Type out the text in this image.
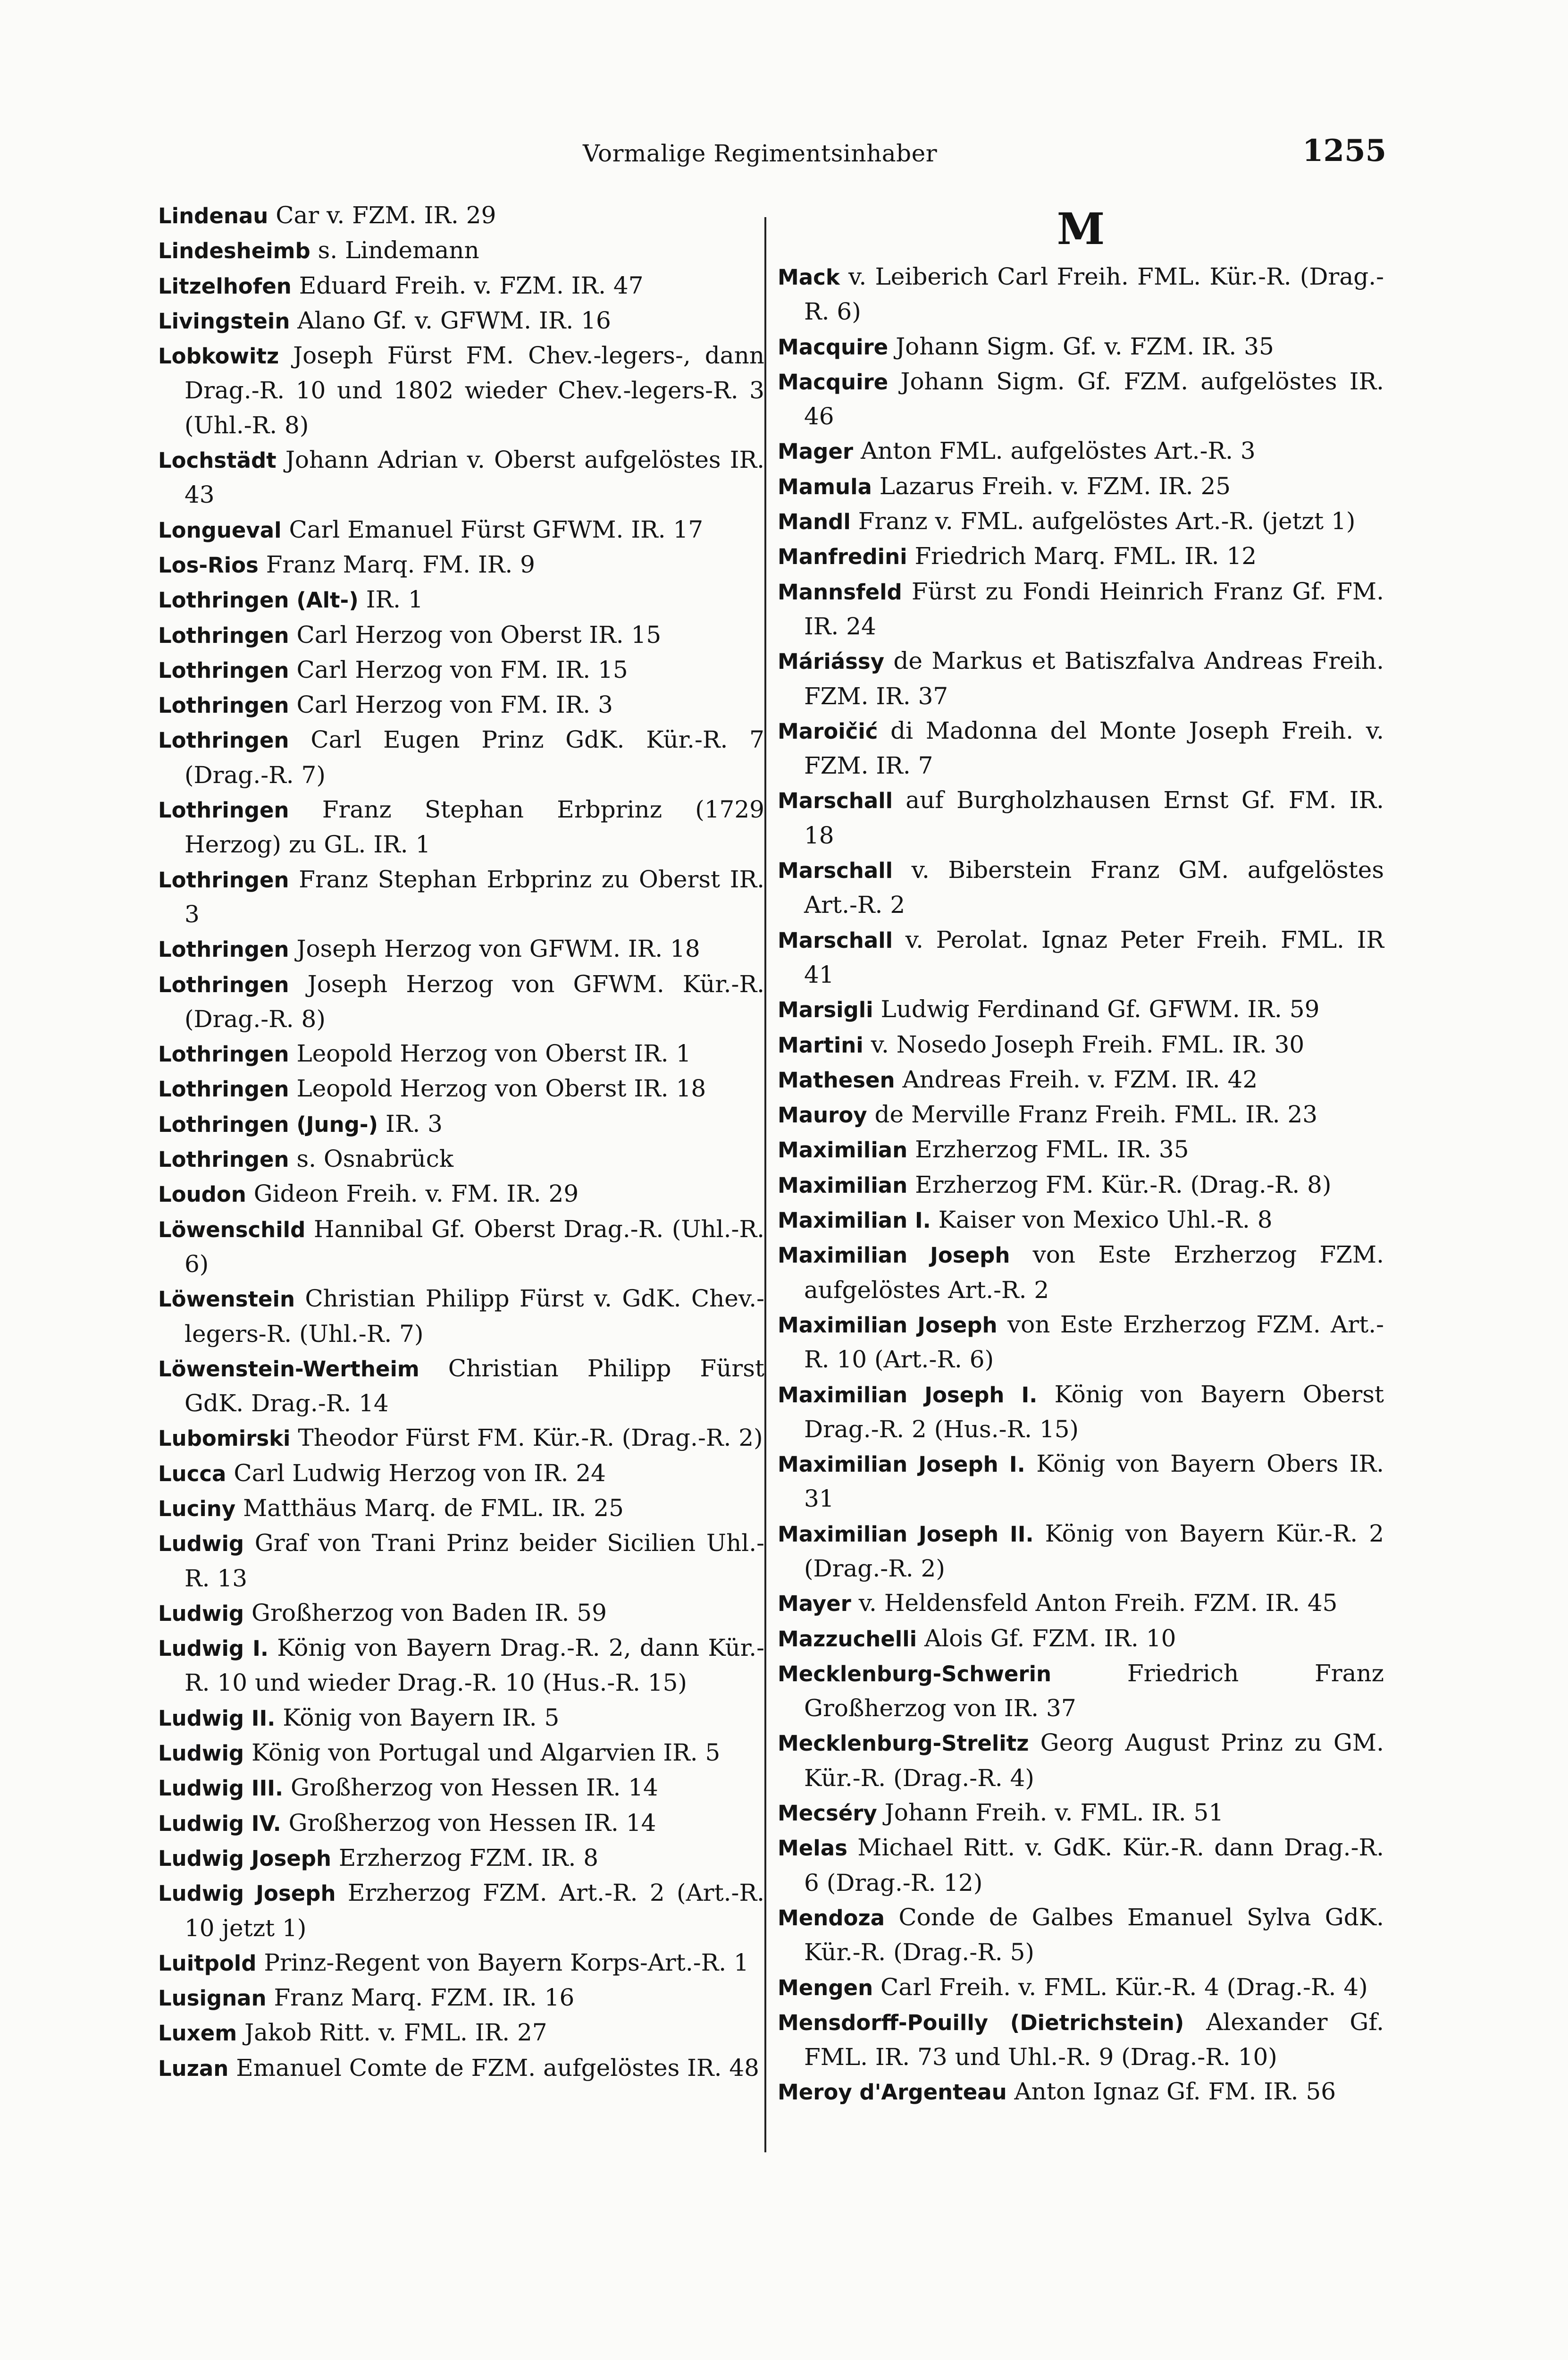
Vormalige Regimentsinhaber	1255
Lindenau Car v. FZM. IR. 29
Lindesheimb s. Lindemann
Litzelhofen Eduard Freih. v. FZM. IR. 47
Livingstein Alano Gf. v. GFWM. IR. 16
Lobkowitz Joseph Fürst FM. Chev.-legers-, dann Drag.-R. 10 und 1802 wieder Chev.-legers-R. 3 (Uhl.-R. 8)
Lochstädt Johann Adrian v. Oberst aufgelöstes IR. 43
Longueval Carl Emanuel Fürst GFWM. IR. 17
Los-Rios Franz Marq. FM. IR. 9
Lothringen (Alt-) IR. 1
Lothringen Carl Herzog von Oberst IR. 15
Lothringen Carl Herzog von FM. IR. 15
Lothringen Carl Herzog von FM. IR. 3
Lothringen Carl Eugen Prinz GdK. Kür.-R. 7 (Drag.-R. 7)
Lothringen Franz Stephan Erbprinz (1729 Herzog) zu GL. IR. 1
Lothringen Franz Stephan Erbprinz zu Oberst IR. 3
Lothringen Joseph Herzog von GFWM. IR. 18
Lothringen Joseph Herzog von GFWM. Kür.-R. (Drag.-R. 8)
Lothringen Leopold Herzog von Oberst IR. 1
Lothringen Leopold Herzog von Oberst IR. 18
Lothringen (Jung-) IR. 3
Lothringen s. Osnabrück
Loudon Gideon Freih. v. FM. IR. 29
Löwenschild Hannibal Gf. Oberst Drag.-R. (Uhl.-R. 6)
Löwenstein Christian Philipp Fürst v. GdK. Chev.-legers-R. (Uhl.-R. 7)
Löwenstein-Wertheim Christian Philipp Fürst GdK. Drag.-R. 14
Lubomirski Theodor Fürst FM. Kür.-R. (Drag.-R. 2)
Lucca Carl Ludwig Herzog von IR. 24
Luciny Matthäus Marq. de FML. IR. 25
Ludwig Graf von Trani Prinz beider Sicilien Uhl.-R. 13
Ludwig Großherzog von Baden IR. 59
Ludwig I. König von Bayern Drag.-R. 2, dann Kür.-R. 10 und wieder Drag.-R. 10 (Hus.-R. 15)
Ludwig II. König von Bayern IR. 5
Ludwig König von Portugal und Algarvien IR. 5
Ludwig III. Großherzog von Hessen IR. 14
Ludwig IV. Großherzog von Hessen IR. 14
Ludwig Joseph Erzherzog FZM. IR. 8
Ludwig Joseph Erzherzog FZM. Art.-R. 2 (Art.-R. 10 jetzt 1)
Luitpold Prinz-Regent von Bayern Korps-Art.-R. 1
Lusignan Franz Marq. FZM. IR. 16
Luxem Jakob Ritt. v. FML. IR. 27
Luzan Emanuel Comte de FZM. aufgelöstes IR. 48
M
Mack v. Leiberich Carl Freih. FML. Kür.-R. (Drag.-R. 6)
Macquire Johann Sigm. Gf. v. FZM. IR. 35
Macquire Johann Sigm. Gf. FZM. aufgelöstes IR. 46
Mager Anton FML. aufgelöstes Art.-R. 3
Mamula Lazarus Freih. v. FZM. IR. 25
Mandl Franz v. FML. aufgelöstes Art.-R. (jetzt 1)
Manfredini Friedrich Marq. FML. IR. 12
Mannsfeld Fürst zu Fondi Heinrich Franz Gf. FM. IR. 24
Máriássy de Markus et Batiszfalva Andreas Freih. FZM. IR. 37
Maroičić di Madonna del Monte Joseph Freih. v. FZM. IR. 7
Marschall auf Burgholzhausen Ernst Gf. FM. IR. 18
Marschall v. Biberstein Franz GM. aufgelöstes Art.-R. 2
Marschall v. Perolat. Ignaz Peter Freih. FML. IR 41
Marsigli Ludwig Ferdinand Gf. GFWM. IR. 59
Martini v. Nosedo Joseph Freih. FML. IR. 30
Mathesen Andreas Freih. v. FZM. IR. 42
Mauroy de Merville Franz Freih. FML. IR. 23
Maximilian Erzherzog FML. IR. 35
Maximilian Erzherzog FM. Kür.-R. (Drag.-R. 8)
Maximilian I. Kaiser von Mexico Uhl.-R. 8
Maximilian Joseph von Este Erzherzog FZM. aufgelöstes Art.-R. 2
Maximilian Joseph von Este Erzherzog FZM. Art.-R. 10 (Art.-R. 6)
Maximilian Joseph I. König von Bayern Oberst Drag.-R. 2 (Hus.-R. 15)
Maximilian Joseph I. König von Bayern Obers IR. 31
Maximilian Joseph II. König von Bayern Kür.-R. 2 (Drag.-R. 2)
Mayer v. Heldensfeld Anton Freih. FZM. IR. 45
Mazzuchelli Alois Gf. FZM. IR. 10
Mecklenburg-Schwerin	Friedrich Franz Großherzog von IR. 37
Mecklenburg-Strelitz Georg August Prinz zu GM. Kür.-R. (Drag.-R. 4)
Mecséry Johann Freih. v. FML. IR. 51
Melas Michael Ritt. v. GdK. Kür.-R. dann Drag.-R. 6 (Drag.-R. 12)
Mendoza Conde de Galbes Emanuel Sylva GdK. Kür.-R. (Drag.-R. 5)
Mengen Carl Freih. v. FML. Kür.-R. 4 (Drag.-R. 4)
Mensdorff-Pouilly (Dietrichstein) Alexander Gf. FML. IR. 73 und Uhl.-R. 9 (Drag.-R. 10)
Meroy d'Argenteau Anton Ignaz Gf. FM. IR. 56
